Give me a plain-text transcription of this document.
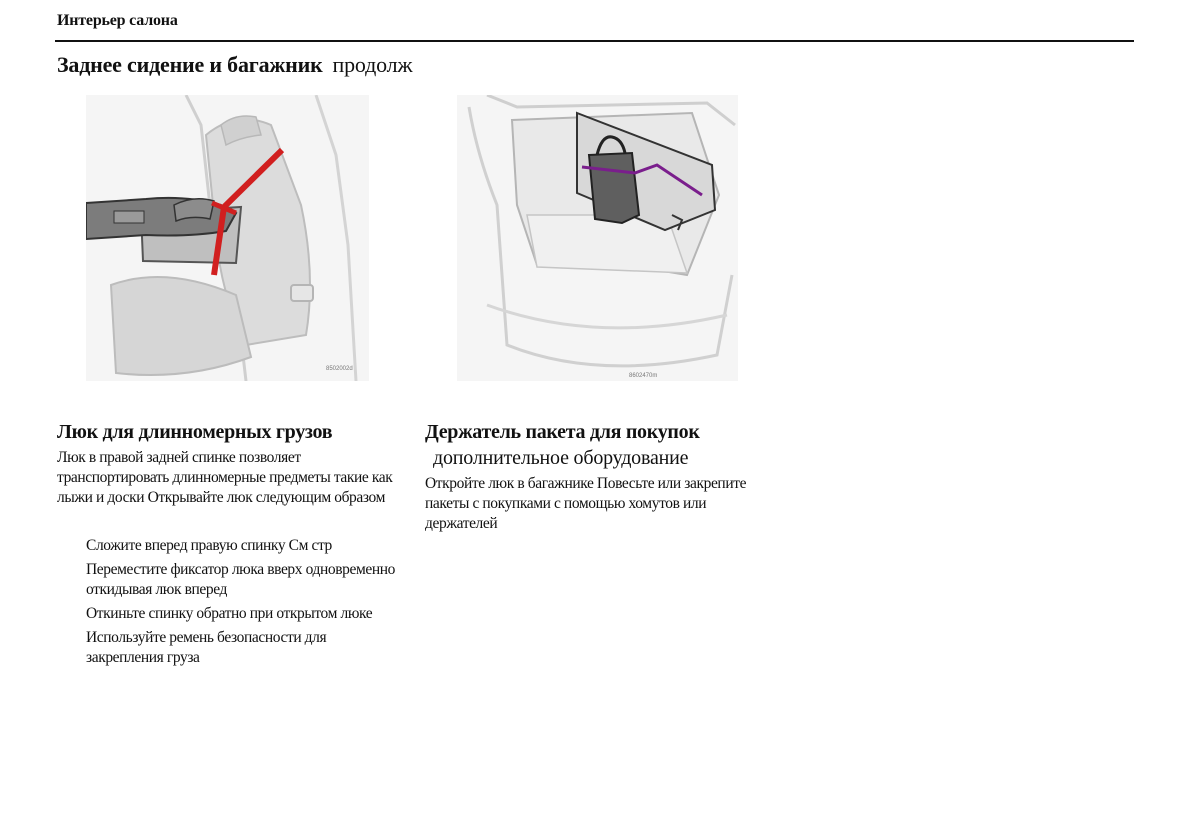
Интерьер салона
Заднее сидение и багажник продолж
8502002d
8602470m
Люк для длинномерных грузов
Люк в правой задней спинке позволяет транспортировать длинномерные предметы такие как лыжи и доски Открывайте люк следующим образом
Сложите вперед правую спинку См стр
Переместите фиксатор люка вверх одновременно откидывая люк вперед
Откиньте спинку обратно при открытом люке
Используйте ремень безопасности для закрепления груза
Держатель пакета для покупок
дополнительное оборудование
Откройте люк в багажнике Повесьте или закрепите пакеты с покупками с помощью хомутов или держателей
